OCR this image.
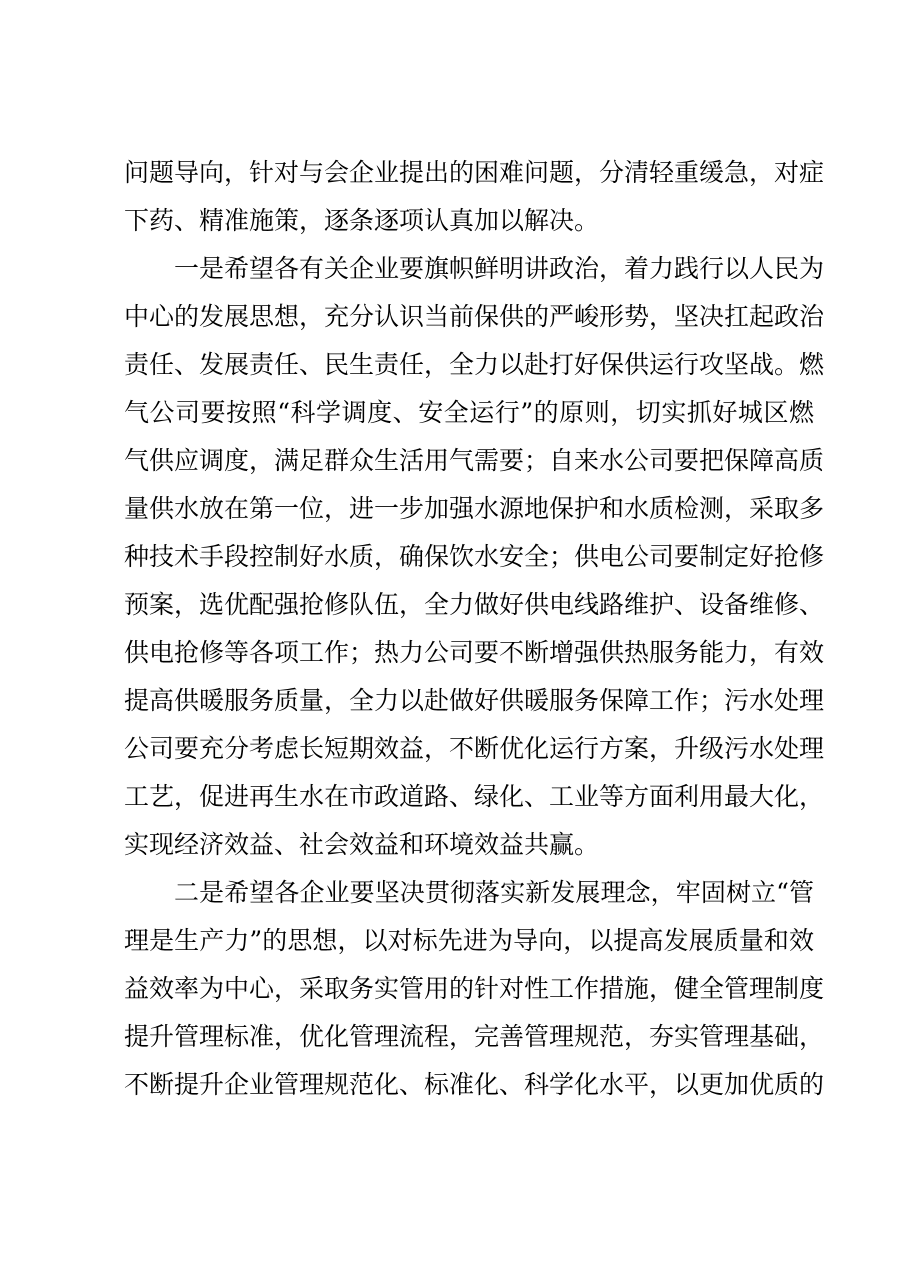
问题导向，针对与会企业提出的困难问题，分清轻重缓急，对症
下药、精准施策，逐条逐项认真加以解决。
一是希望各有关企业要旗帜鲜明讲政治，着力践行以人民为
中心的发展思想，充分认识当前保供的严峻形势，坚决扛起政治
责任、发展责任、民生责任，全力以赴打好保供运行攻坚战。燃
气公司要按照“科学调度、安全运行”的原则，切实抓好城区燃
气供应调度，满足群众生活用气需要；自来水公司要把保障高质
量供水放在第一位，进一步加强水源地保护和水质检测，采取多
种技术手段控制好水质，确保饮水安全；供电公司要制定好抢修
预案，选优配强抢修队伍，全力做好供电线路维护、设备维修、
供电抢修等各项工作；热力公司要不断增强供热服务能力，有效
提高供暖服务质量，全力以赴做好供暖服务保障工作；污水处理
公司要充分考虑长短期效益，不断优化运行方案，升级污水处理
工艺，促进再生水在市政道路、绿化、工业等方面利用最大化，
实现经济效益、社会效益和环境效益共赢。
二是希望各企业要坚决贯彻落实新发展理念，牢固树立“管
理是生产力”的思想，以对标先进为导向，以提高发展质量和效
益效率为中心，采取务实管用的针对性工作措施，健全管理制度
提升管理标准，优化管理流程，完善管理规范，夯实管理基础，
不断提升企业管理规范化、标准化、科学化水平，以更加优质的
